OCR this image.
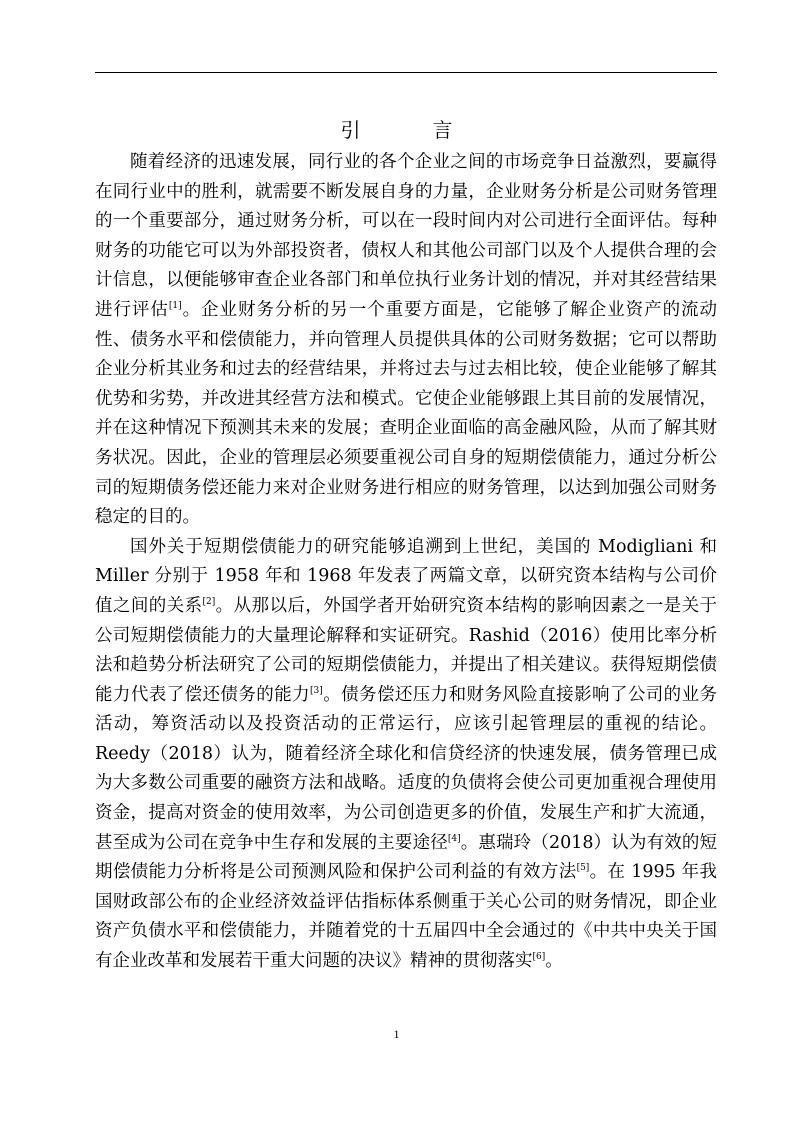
引　言

随着经济的迅速发展，同行业的各个企业之间的市场竞争日益激烈，要赢得在同行业中的胜利，就需要不断发展自身的力量，企业财务分析是公司财务管理的一个重要部分，通过财务分析，可以在一段时间内对公司进行全面评估。每种财务的功能它可以为外部投资者，债权人和其他公司部门以及个人提供合理的会计信息，以便能够审查企业各部门和单位执行业务计划的情况，并对其经营结果进行评估[1]。企业财务分析的另一个重要方面是，它能够了解企业资产的流动性、债务水平和偿债能力，并向管理人员提供具体的公司财务数据；它可以帮助企业分析其业务和过去的经营结果，并将过去与过去相比较，使企业能够了解其优势和劣势，并改进其经营方法和模式。它使企业能够跟上其目前的发展情况，并在这种情况下预测其未来的发展；查明企业面临的高金融风险，从而了解其财务状况。因此，企业的管理层必须要重视公司自身的短期偿债能力，通过分析公司的短期债务偿还能力来对企业财务进行相应的财务管理，以达到加强公司财务稳定的目的。

国外关于短期偿债能力的研究能够追溯到上世纪，美国的 Modigliani 和 Miller 分别于 1958 年和 1968 年发表了两篇文章，以研究资本结构与公司价值之间的关系[2]。从那以后，外国学者开始研究资本结构的影响因素之一是关于公司短期偿债能力的大量理论解释和实证研究。Rashid（2016）使用比率分析法和趋势分析法研究了公司的短期偿债能力，并提出了相关建议。获得短期偿债能力代表了偿还债务的能力[3]。债务偿还压力和财务风险直接影响了公司的业务活动，筹资活动以及投资活动的正常运行，应该引起管理层的重视的结论。Reedy（2018）认为，随着经济全球化和信贷经济的快速发展，债务管理已成为大多数公司重要的融资方法和战略。适度的负债将会使公司更加重视合理使用资金，提高对资金的使用效率，为公司创造更多的价值，发展生产和扩大流通，甚至成为公司在竞争中生存和发展的主要途径[4]。惠瑞玲（2018）认为有效的短期偿债能力分析将是公司预测风险和保护公司利益的有效方法[5]。在 1995 年我国财政部公布的企业经济效益评估指标体系侧重于关心公司的财务情况，即企业资产负债水平和偿债能力，并随着党的十五届四中全会通过的《中共中央关于国有企业改革和发展若干重大问题的决议》精神的贯彻落实[6]。

1
